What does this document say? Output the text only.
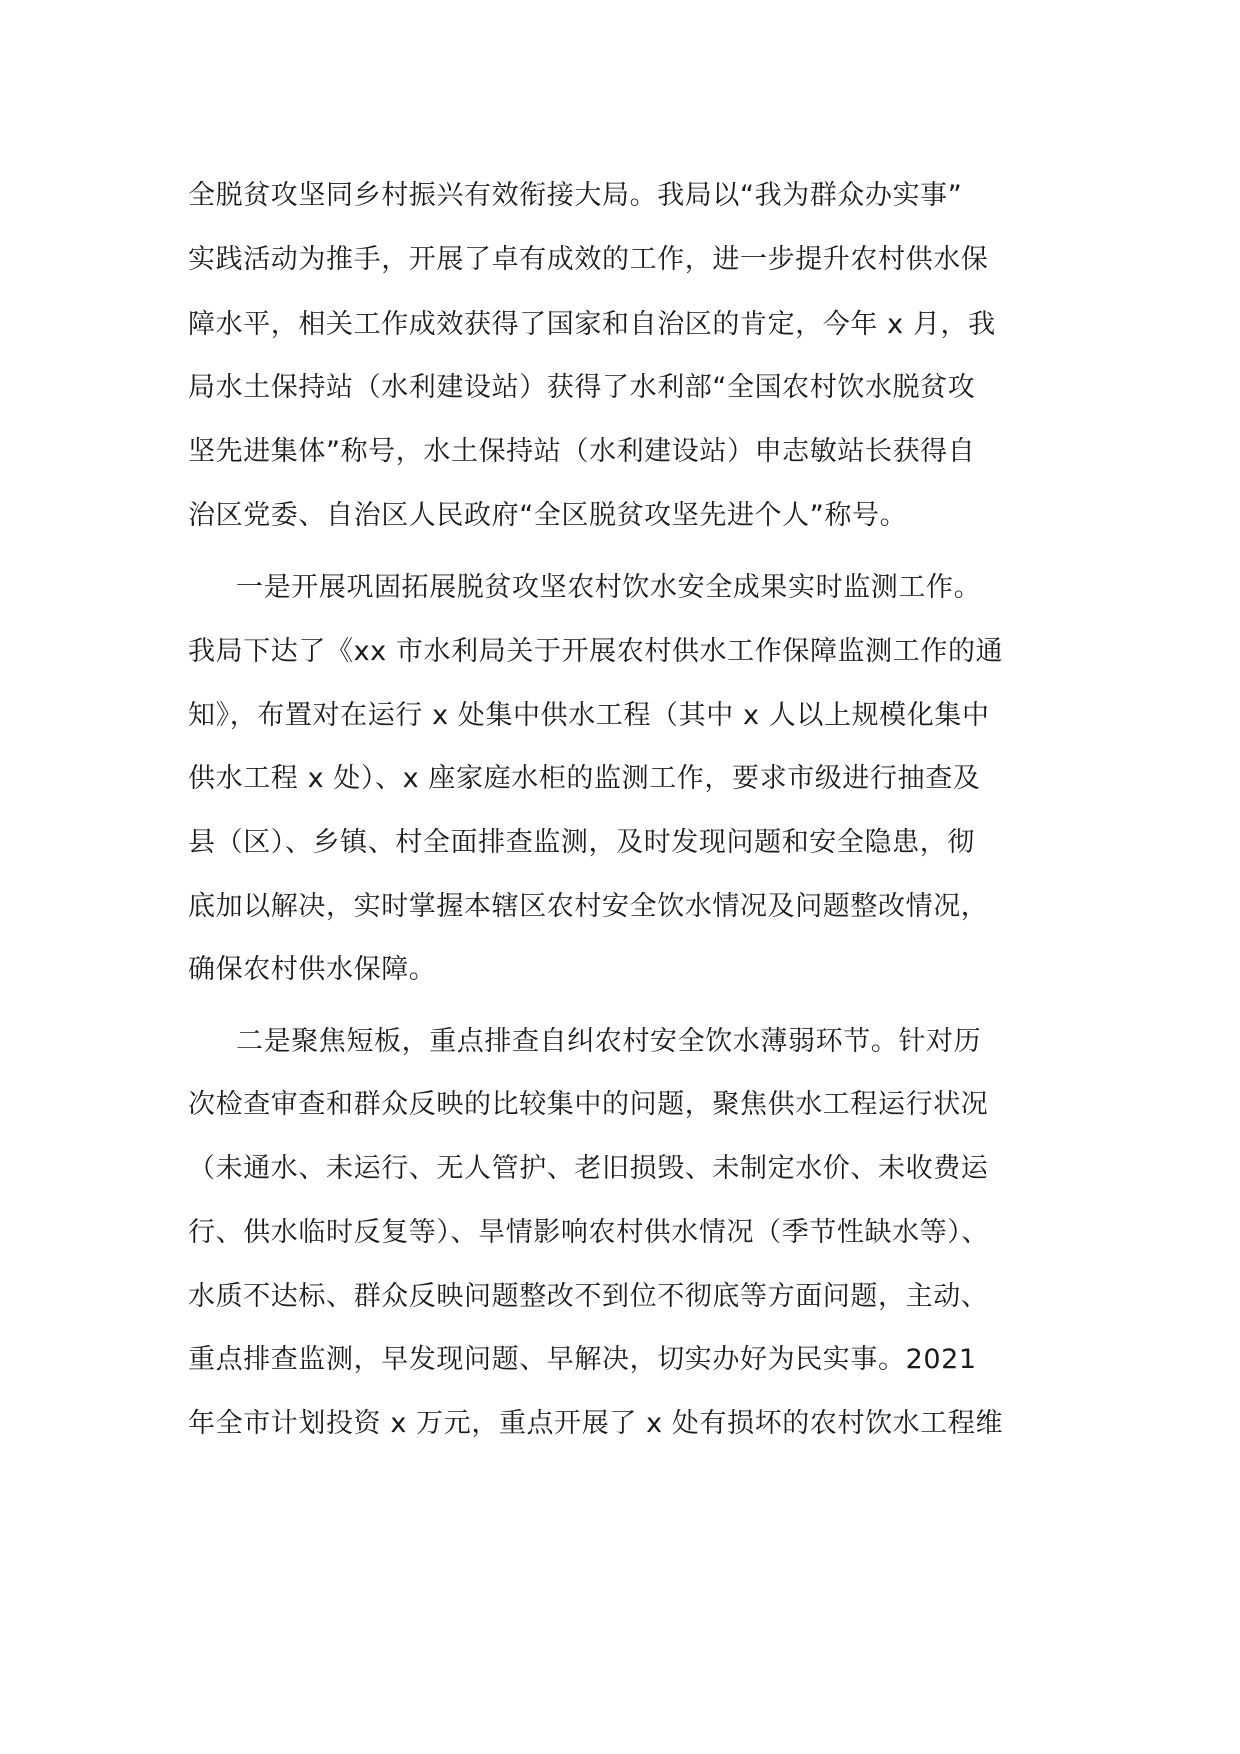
全脱贫攻坚同乡村振兴有效衔接大局。我局以“我为群众办实事”
实践活动为推手，开展了卓有成效的工作，进一步提升农村供水保
障水平，相关工作成效获得了国家和自治区的肯定，今年 x 月，我
局水土保持站（水利建设站）获得了水利部“全国农村饮水脱贫攻
坚先进集体”称号，水土保持站（水利建设站）申志敏站长获得自
治区党委、自治区人民政府“全区脱贫攻坚先进个人”称号。
一是开展巩固拓展脱贫攻坚农村饮水安全成果实时监测工作。
我局下达了《xx 市水利局关于开展农村供水工作保障监测工作的通
知》，布置对在运行 x 处集中供水工程（其中 x 人以上规模化集中
供水工程 x 处）、x 座家庭水柜的监测工作，要求市级进行抽查及
县（区）、乡镇、村全面排查监测，及时发现问题和安全隐患，彻
底加以解决，实时掌握本辖区农村安全饮水情况及问题整改情况，
确保农村供水保障。
二是聚焦短板，重点排查自纠农村安全饮水薄弱环节。针对历
次检查审查和群众反映的比较集中的问题，聚焦供水工程运行状况
（未通水、未运行、无人管护、老旧损毁、未制定水价、未收费运
行、供水临时反复等）、旱情影响农村供水情况（季节性缺水等）、
水质不达标、群众反映问题整改不到位不彻底等方面问题，主动、
重点排查监测，早发现问题、早解决，切实办好为民实事。2021
年全市计划投资 x 万元，重点开展了 x 处有损坏的农村饮水工程维
